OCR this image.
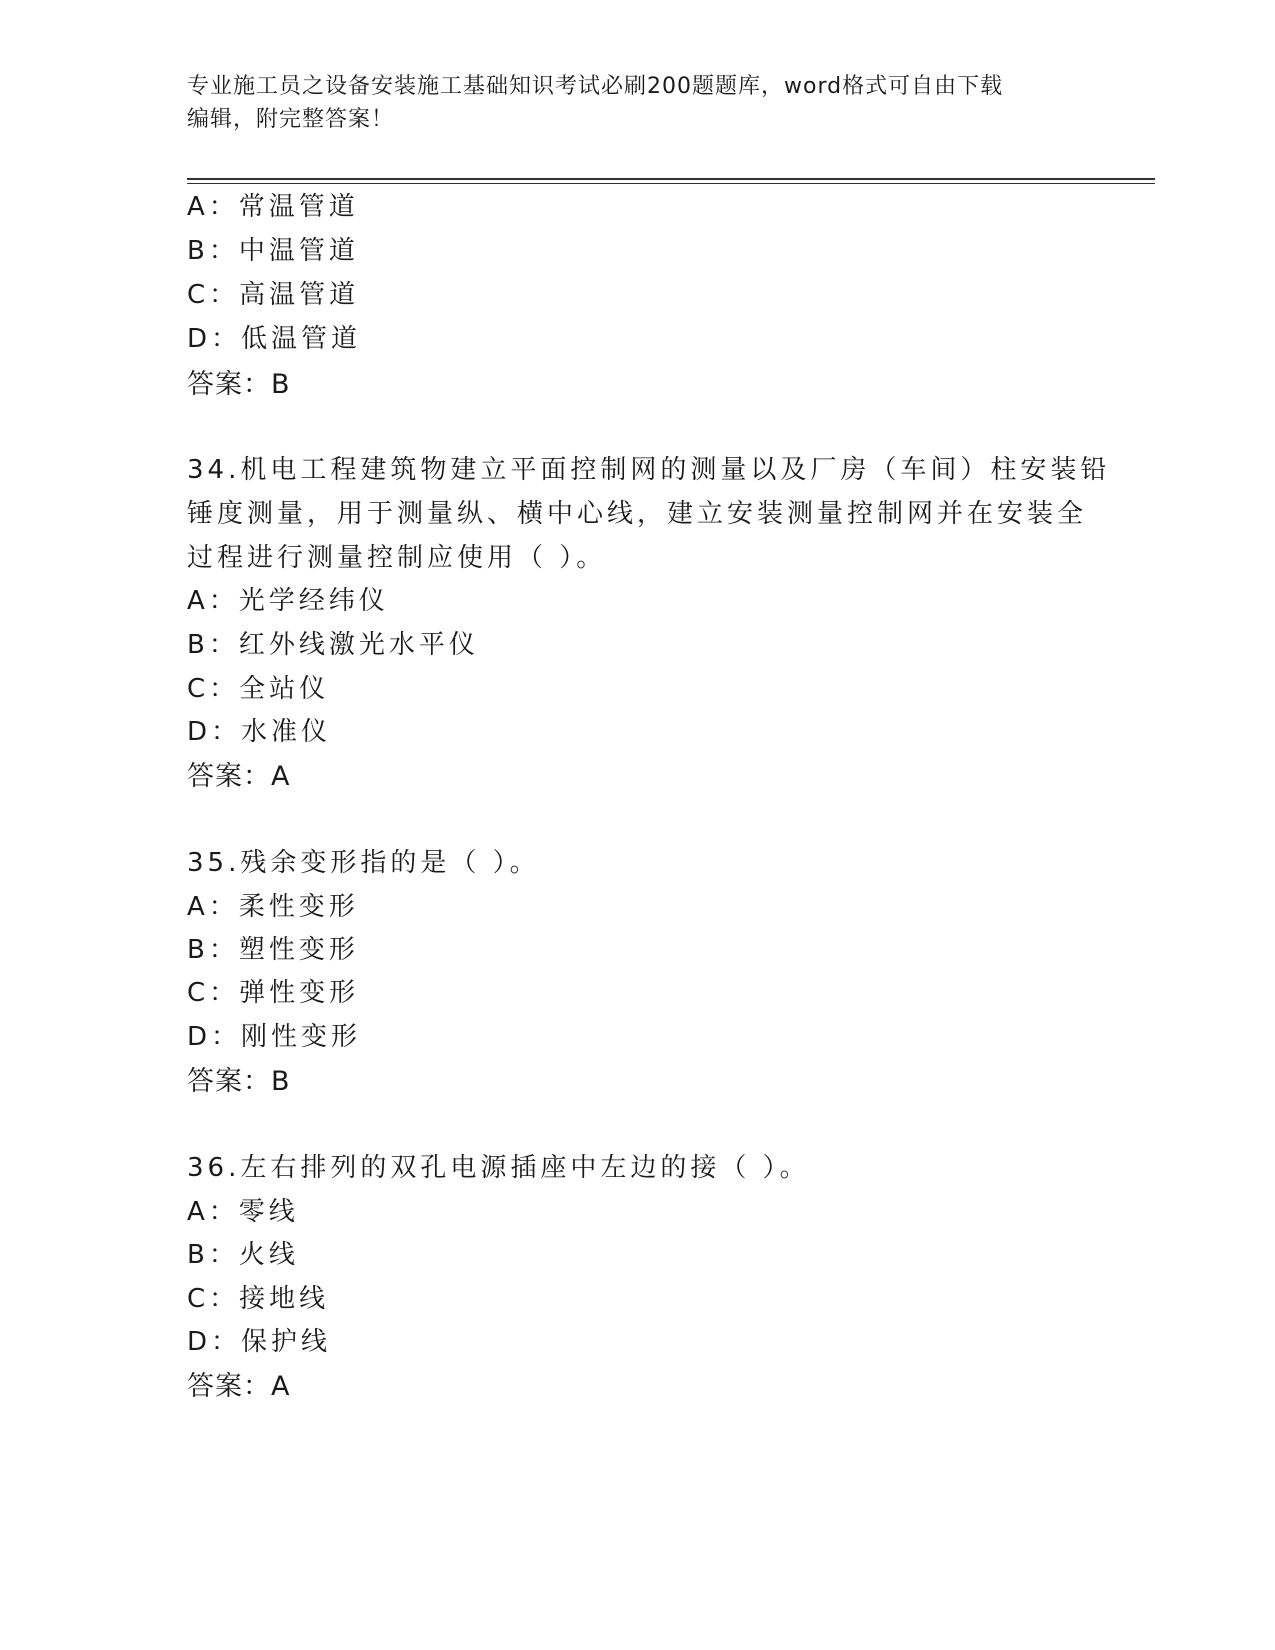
专业施工员之设备安装施工基础知识考试必刷200题题库，word格式可自由下载
编辑，附完整答案！
A：常温管道
B：中温管道
C：高温管道
D：低温管道
答案：B
34.机电工程建筑物建立平面控制网的测量以及厂房（车间）柱安装铅
锤度测量，用于测量纵、横中心线，建立安装测量控制网并在安装全
过程进行测量控制应使用（ ）。
A：光学经纬仪
B：红外线激光水平仪
C：全站仪
D：水准仪
答案：A
35.残余变形指的是（ ）。
A：柔性变形
B：塑性变形
C：弹性变形
D：刚性变形
答案：B
36.左右排列的双孔电源插座中左边的接（ ）。
A：零线
B：火线
C：接地线
D：保护线
答案：A
